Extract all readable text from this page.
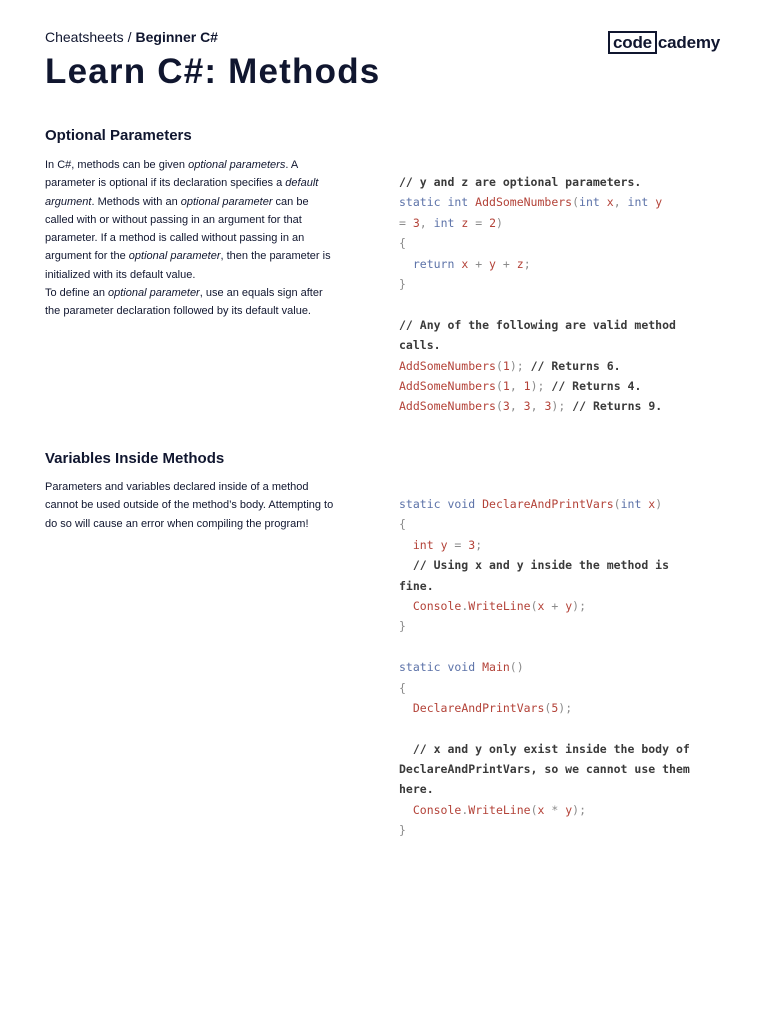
Cheatsheets / Beginner C#	code cademy
Learn C#: Methods
Optional Parameters

In C#, methods can be given optional parameters. A parameter is optional if its declaration specifies a default argument. Methods with an optional parameter can be called with or without passing in an argument for that parameter. If a method is called without passing in an argument for the optional parameter, then the parameter is initialized with its default value.

To define an optional parameter, use an equals sign after the parameter declaration followed by its default value.

// y and z are optional parameters.
static int AddSomeNumbers(int x, int y
= 3, int z = 2)
{
return x + y + z;
}
// Any of the following are valid method
calls.
AddSomeNumbers(1); // Returns 6.
AddSomeNumbers(1, 1); // Returns 4.
AddSomeNumbers(3, 3, 3); // Returns 9.
Variables Inside Methods

Parameters and variables declared inside of a method cannot be used outside of the method’s body. Attempting to do so will cause an error when compiling the program!

static void DeclareAndPrintVars(int x)
{
int y = 3;
// Using x and y inside the method is
fine.
Console.WriteLine(x + y);
}
static void Main()
{
DeclareAndPrintVars(5);
// x and y only exist inside the body of
DeclareAndPrintVars, so we cannot use them
here.
Console.WriteLine(x * y);
}
